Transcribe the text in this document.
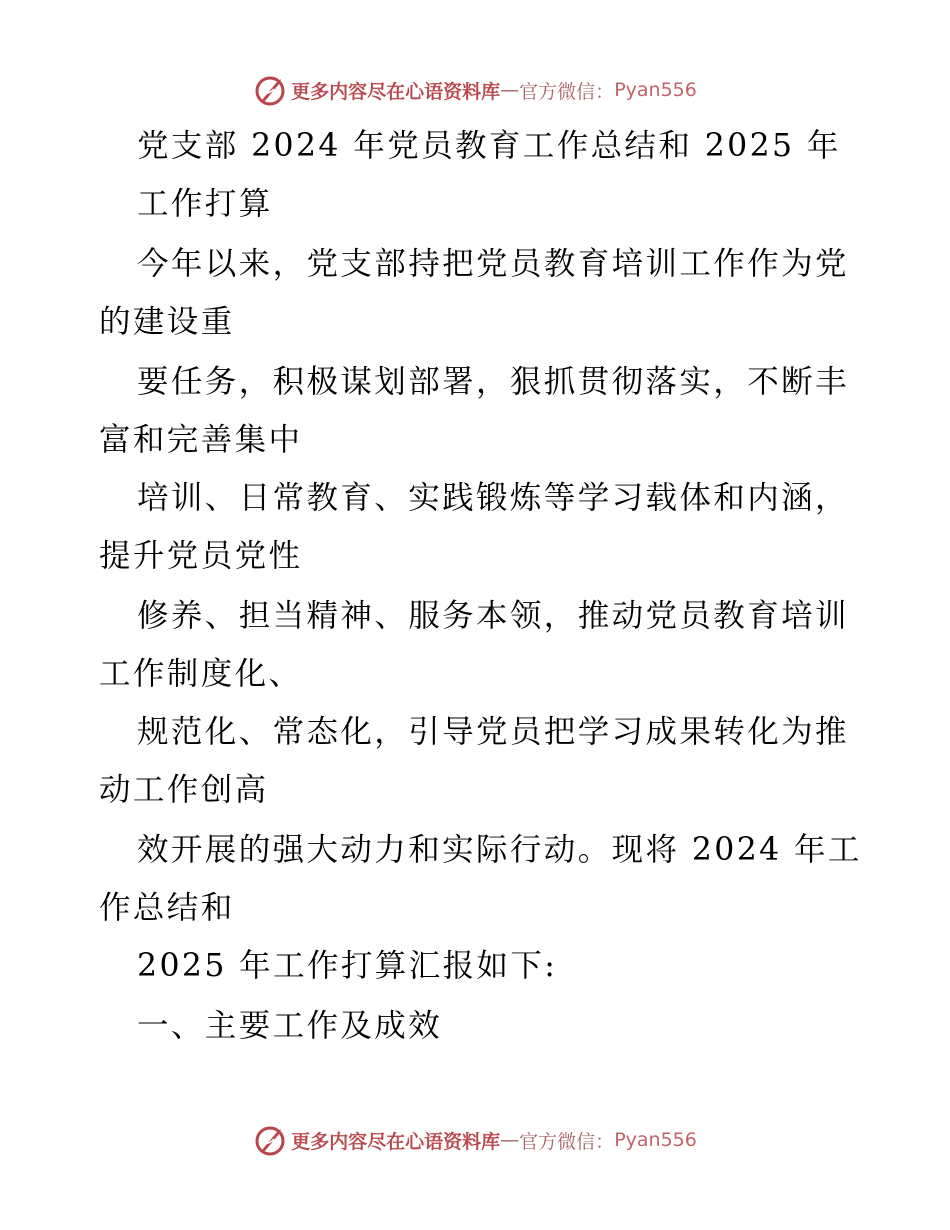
更多内容尽在心语资料库 — 官方微信： Pyan556
党支部 2024 年党员教育工作总结和 2025 年
工作打算
今年以来，党支部持把党员教育培训工作作为党
的建设重
要任务，积极谋划部署，狠抓贯彻落实，不断丰
富和完善集中
培训、日常教育、实践锻炼等学习载体和内涵，
提升党员党性
修养、担当精神、服务本领，推动党员教育培训
工作制度化、
规范化、常态化，引导党员把学习成果转化为推
动工作创高
效开展的强大动力和实际行动。现将 2024 年工
作总结和
2025 年工作打算汇报如下:
一、主要工作及成效
更多内容尽在心语资料库 — 官方微信： Pyan556
